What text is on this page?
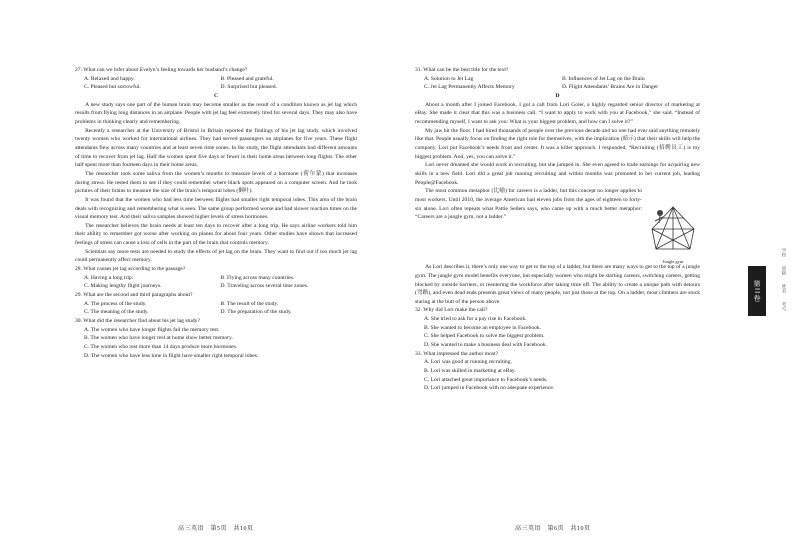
27. What can we infer about Evelyn’s feeling towards her husband’s change?

A. Relaxed and happy.	B. Pleased and grateful.
C. Pleased but sorrowful.	D. Surprised but pleased.

C

A new study says one part of the human brain may become smaller as the result of a condition known as jet lag which results from flying long distances in an airplane. People with jet lag feel extremely tired for several days. They may also have problems in thinking clearly and remembering.

Recently a researcher at the University of Bristol in Britain reported the findings of his jet lag study, which involved twenty women who worked for international airlines. They had served passengers on airplanes for five years. These flight attendants flew across many countries and at least seven time zones. In the study, the flight attendants had different amounts of time to recover from jet lag. Half the women spent five days or fewer in their home areas between long flights. The other half spent more than fourteen days in their home areas.

The researcher took some saliva from the women’s mouths to measure levels of a hormone (荷尔蒙) that increases during stress. He tested them to see if they could remember where black spots appeared on a computer screen. And he took pictures of their brains to measure the size of the brain’s temporal lobes (颞叶).

It was found that the women who had less time between flights had smaller right temporal lobes. This area of the brain deals with recognizing and remembering what is seen. The same group performed worse and had slower reaction times on the visual memory test. And their saliva samples showed higher levels of stress hormones.

The researcher believes the brain needs at least ten days to recover after a long trip. He says airline workers told him their ability to remember got worse after working on planes for about four years. Other studies have shown that increased feelings of stress can cause a loss of cells in the part of the brain that controls memory.

Scientists say more tests are needed to study the effects of jet lag on the brain. They want to find out if too much jet lag could permanently affect memory.

28. What causes jet lag according to the passage?

A. Having a long trip.	B. Flying across many countries.
C. Making lengthy flight journeys.	D. Traveling across several time zones.

29. What are the second and third paragraphs about?

A. The process of the study.	B. The result of the study.
C. The meaning of the study.	D. The preparation of the study.

30. What did the researcher find about his jet lag study?

A. The women who have longer flights fail the memory test.

B. The women who have longer rest at home show better memory.

C. The women who rest more than 14 days produce more hormones.

D. The women who have less time in flight have smaller right temporal lobes.

高三英语　第5页　共10页

31. What can be the best title for the text?

A. Solution to Jet Lag	B. Influences of Jet Lag on the Brain
C. Jet Lag Permanently Affects Memory	D. Flight Attendants’ Brains Are in Danger

D

About a month after I joined Facebook, I got a call from Lori Goler, a highly regarded senior director of marketing at eBay. She made it clear that this was a business call. “I want to apply to work with you at Facebook,” she said. “Instead of recommending myself, I want to ask you: What is your biggest problem, and how can I solve it?”

My jaw hit the floor. I had hired thousands of people over the previous decade and no one had ever said anything remotely like that. People usually focus on finding the right role for themselves, with the implication (暗示) that their skills will help the company. Lori put Facebook’s needs front and center. It was a killer approach. I responded, “Recruiting (招聘员工) is my biggest problem. And, yes, you can solve it.”

Lori never dreamed she would work in recruiting, but she jumped in. She even agreed to trade earnings for acquiring new skills in a new field. Lori did a great job running recruiting and within months was promoted to her current job, leading People@Facebook.

The most common metaphor (比喻) for careers is a ladder, but this concept no longer applies to most workers. Until 2010, the average American had eleven jobs from the ages of eighteen to forty-six alone. Lori often repeats what Pattie Sellers says, who came up with a much better metaphor: “Careers are a jungle gym, not a ladder.”

Jungle gym

As Lori describes it, there’s only one way to get to the top of a ladder, but there are many ways to get to the top of a jungle gym. The jungle gym model benefits everyone, but especially women who might be starting careers, switching careers, getting blocked by outside barriers, or reentering the workforce after taking time off. The ability to create a unique path with detours (弯路), and even dead ends presents great views of many people, not just those at the top. On a ladder, most climbers are stuck staring at the butt of the person above.

32. Why did Lori make the call?

A. She tried to ask for a pay rise in Facebook.

B. She wanted to become an employee in Facebook.

C. She helped Facebook to solve the biggest problem.

D. She wanted to make a business deal with Facebook.

33. What impressed the author most?

A. Lori was good at running recruiting.

B. Lori was skilled in marketing at eBay.

C. Lori attached great importance to Facebook’s needs.

D. Lori jumped in Facebook with no adequate experience.

高三英语　第6页　共10页
第II卷	学校　　班级　　姓名　　考号
